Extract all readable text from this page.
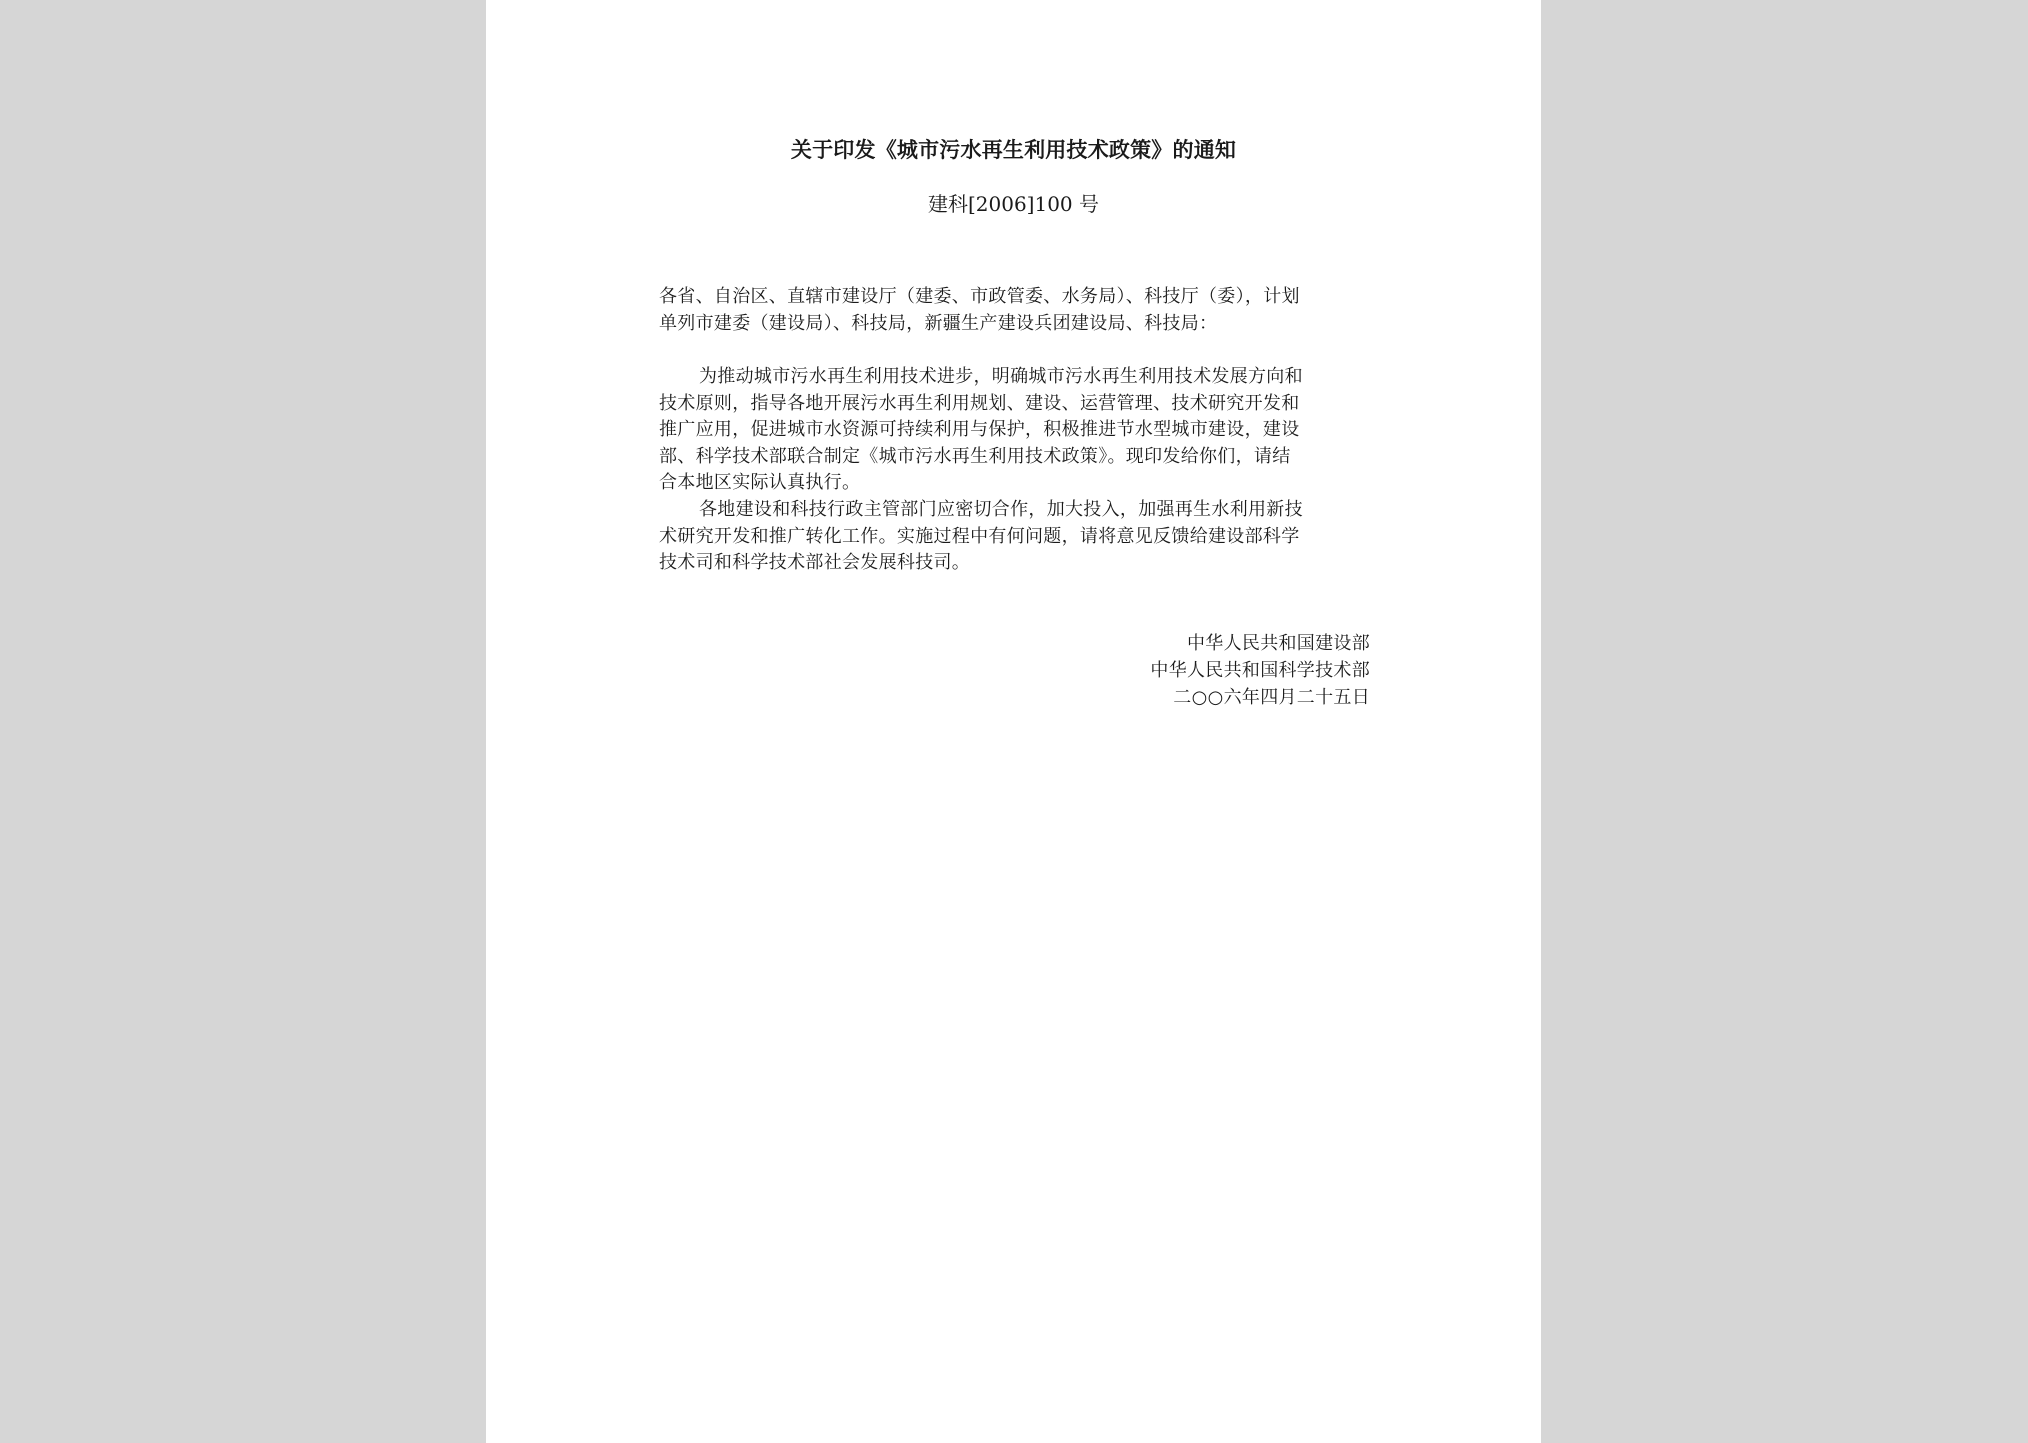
关于印发《城市污水再生利用技术政策》的通知
建科[2006]100 号
各省、自治区、直辖市建设厅（建委、市政管委、水务局）、科技厅（委），计划
单列市建委（建设局）、科技局，新疆生产建设兵团建设局、科技局：
为推动城市污水再生利用技术进步，明确城市污水再生利用技术发展方向和
技术原则，指导各地开展污水再生利用规划、建设、运营管理、技术研究开发和
推广应用，促进城市水资源可持续利用与保护，积极推进节水型城市建设，建设
部、科学技术部联合制定《城市污水再生利用技术政策》。现印发给你们，请结
合本地区实际认真执行。
各地建设和科技行政主管部门应密切合作，加大投入，加强再生水利用新技
术研究开发和推广转化工作。实施过程中有何问题，请将意见反馈给建设部科学
技术司和科学技术部社会发展科技司。
中华人民共和国建设部
中华人民共和国科学技术部
二○○六年四月二十五日
